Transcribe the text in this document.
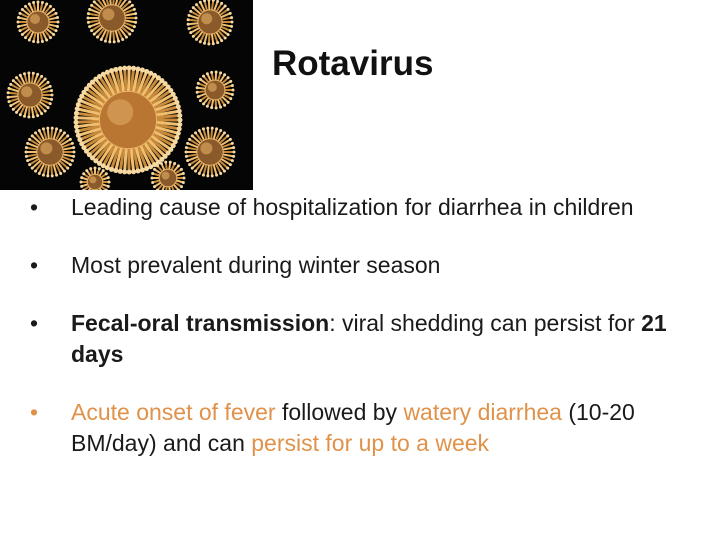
Rotavirus
• Leading cause of hospitalization for diarrhea in children
• Most prevalent during winter season
• Fecal-oral transmission: viral shedding can persist for 21 days
• Acute onset of fever followed by watery diarrhea (10-20 BM/day) and can persist for up to a week
